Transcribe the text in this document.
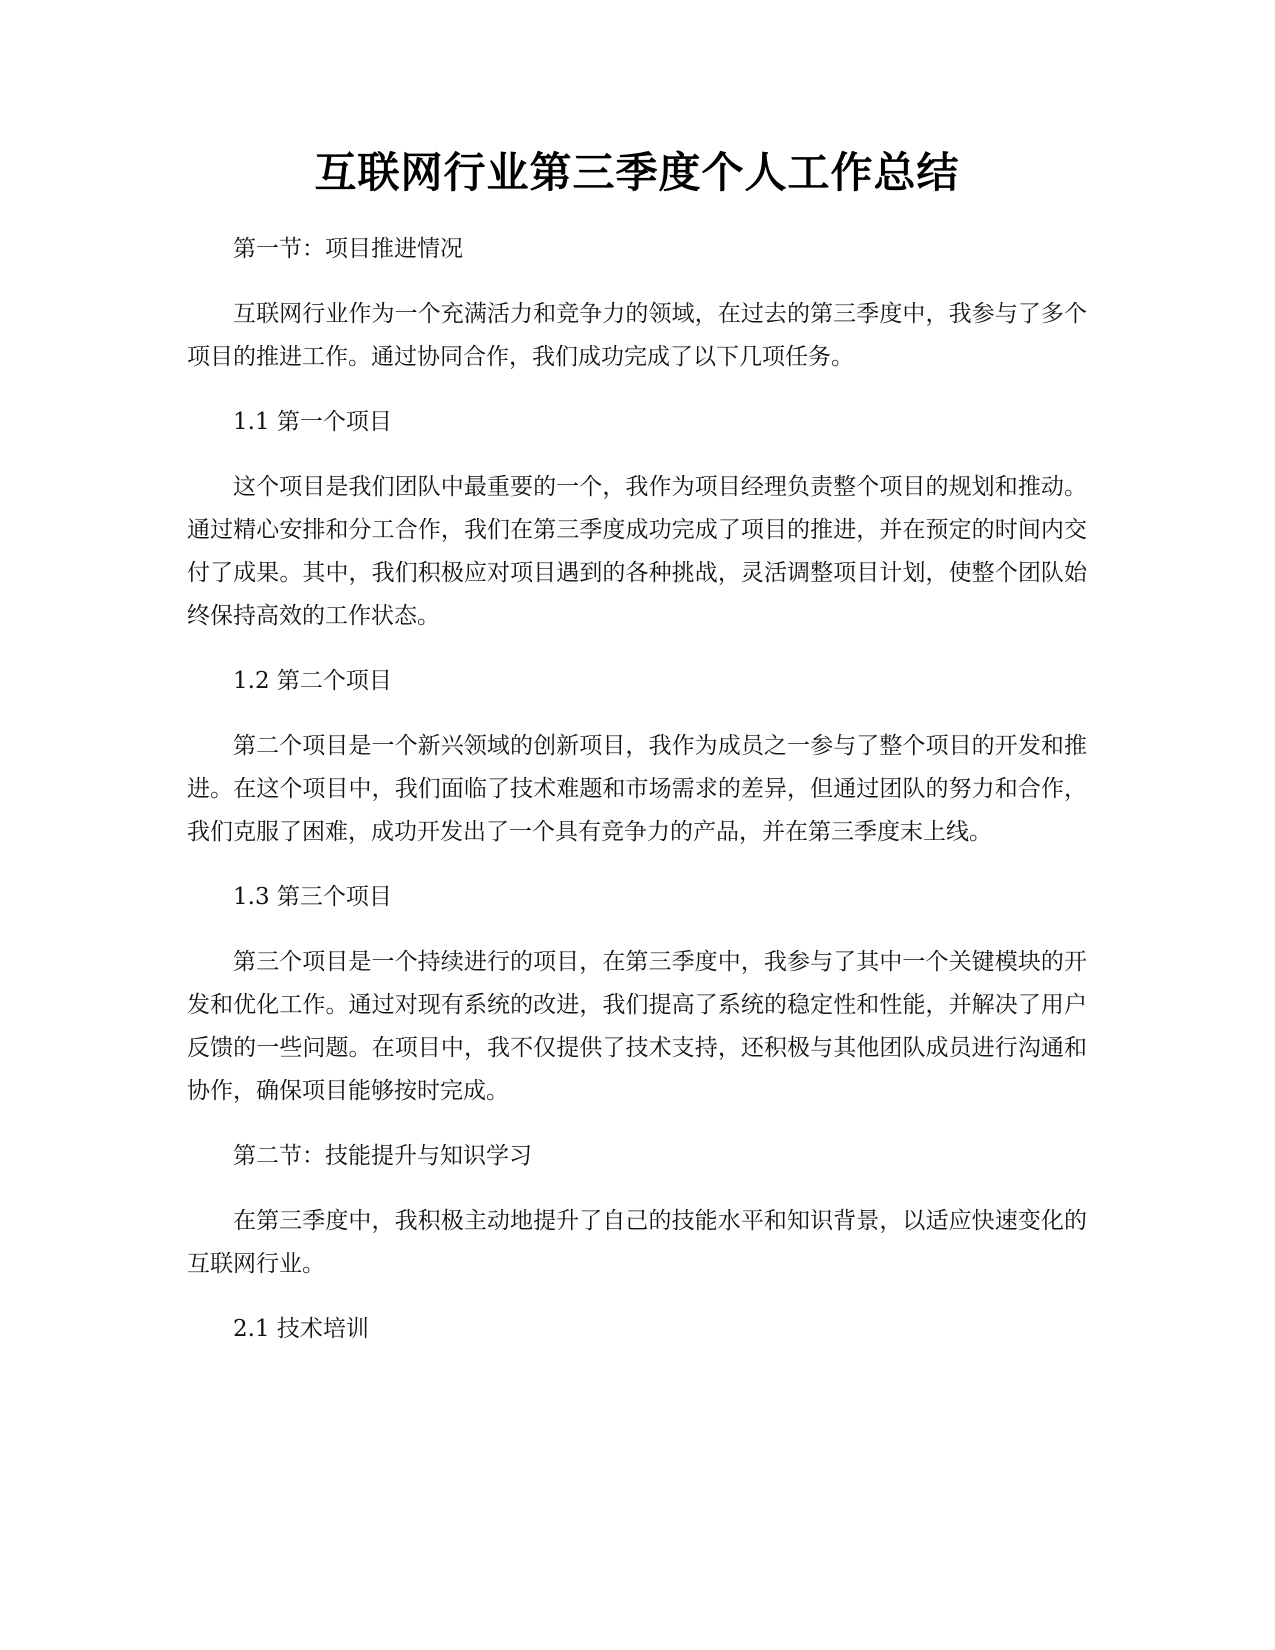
互联网行业第三季度个人工作总结

第一节：项目推进情况

互联网行业作为一个充满活力和竞争力的领域，在过去的第三季度中，我参与了多个项目的推进工作。通过协同合作，我们成功完成了以下几项任务。

1.1 第一个项目

这个项目是我们团队中最重要的一个，我作为项目经理负责整个项目的规划和推动。通过精心安排和分工合作，我们在第三季度成功完成了项目的推进，并在预定的时间内交付了成果。其中，我们积极应对项目遇到的各种挑战，灵活调整项目计划，使整个团队始终保持高效的工作状态。

1.2 第二个项目

第二个项目是一个新兴领域的创新项目，我作为成员之一参与了整个项目的开发和推进。在这个项目中，我们面临了技术难题和市场需求的差异，但通过团队的努力和合作，我们克服了困难，成功开发出了一个具有竞争力的产品，并在第三季度末上线。

1.3 第三个项目

第三个项目是一个持续进行的项目，在第三季度中，我参与了其中一个关键模块的开发和优化工作。通过对现有系统的改进，我们提高了系统的稳定性和性能，并解决了用户反馈的一些问题。在项目中，我不仅提供了技术支持，还积极与其他团队成员进行沟通和协作，确保项目能够按时完成。

第二节：技能提升与知识学习

在第三季度中，我积极主动地提升了自己的技能水平和知识背景，以适应快速变化的互联网行业。

2.1 技术培训
